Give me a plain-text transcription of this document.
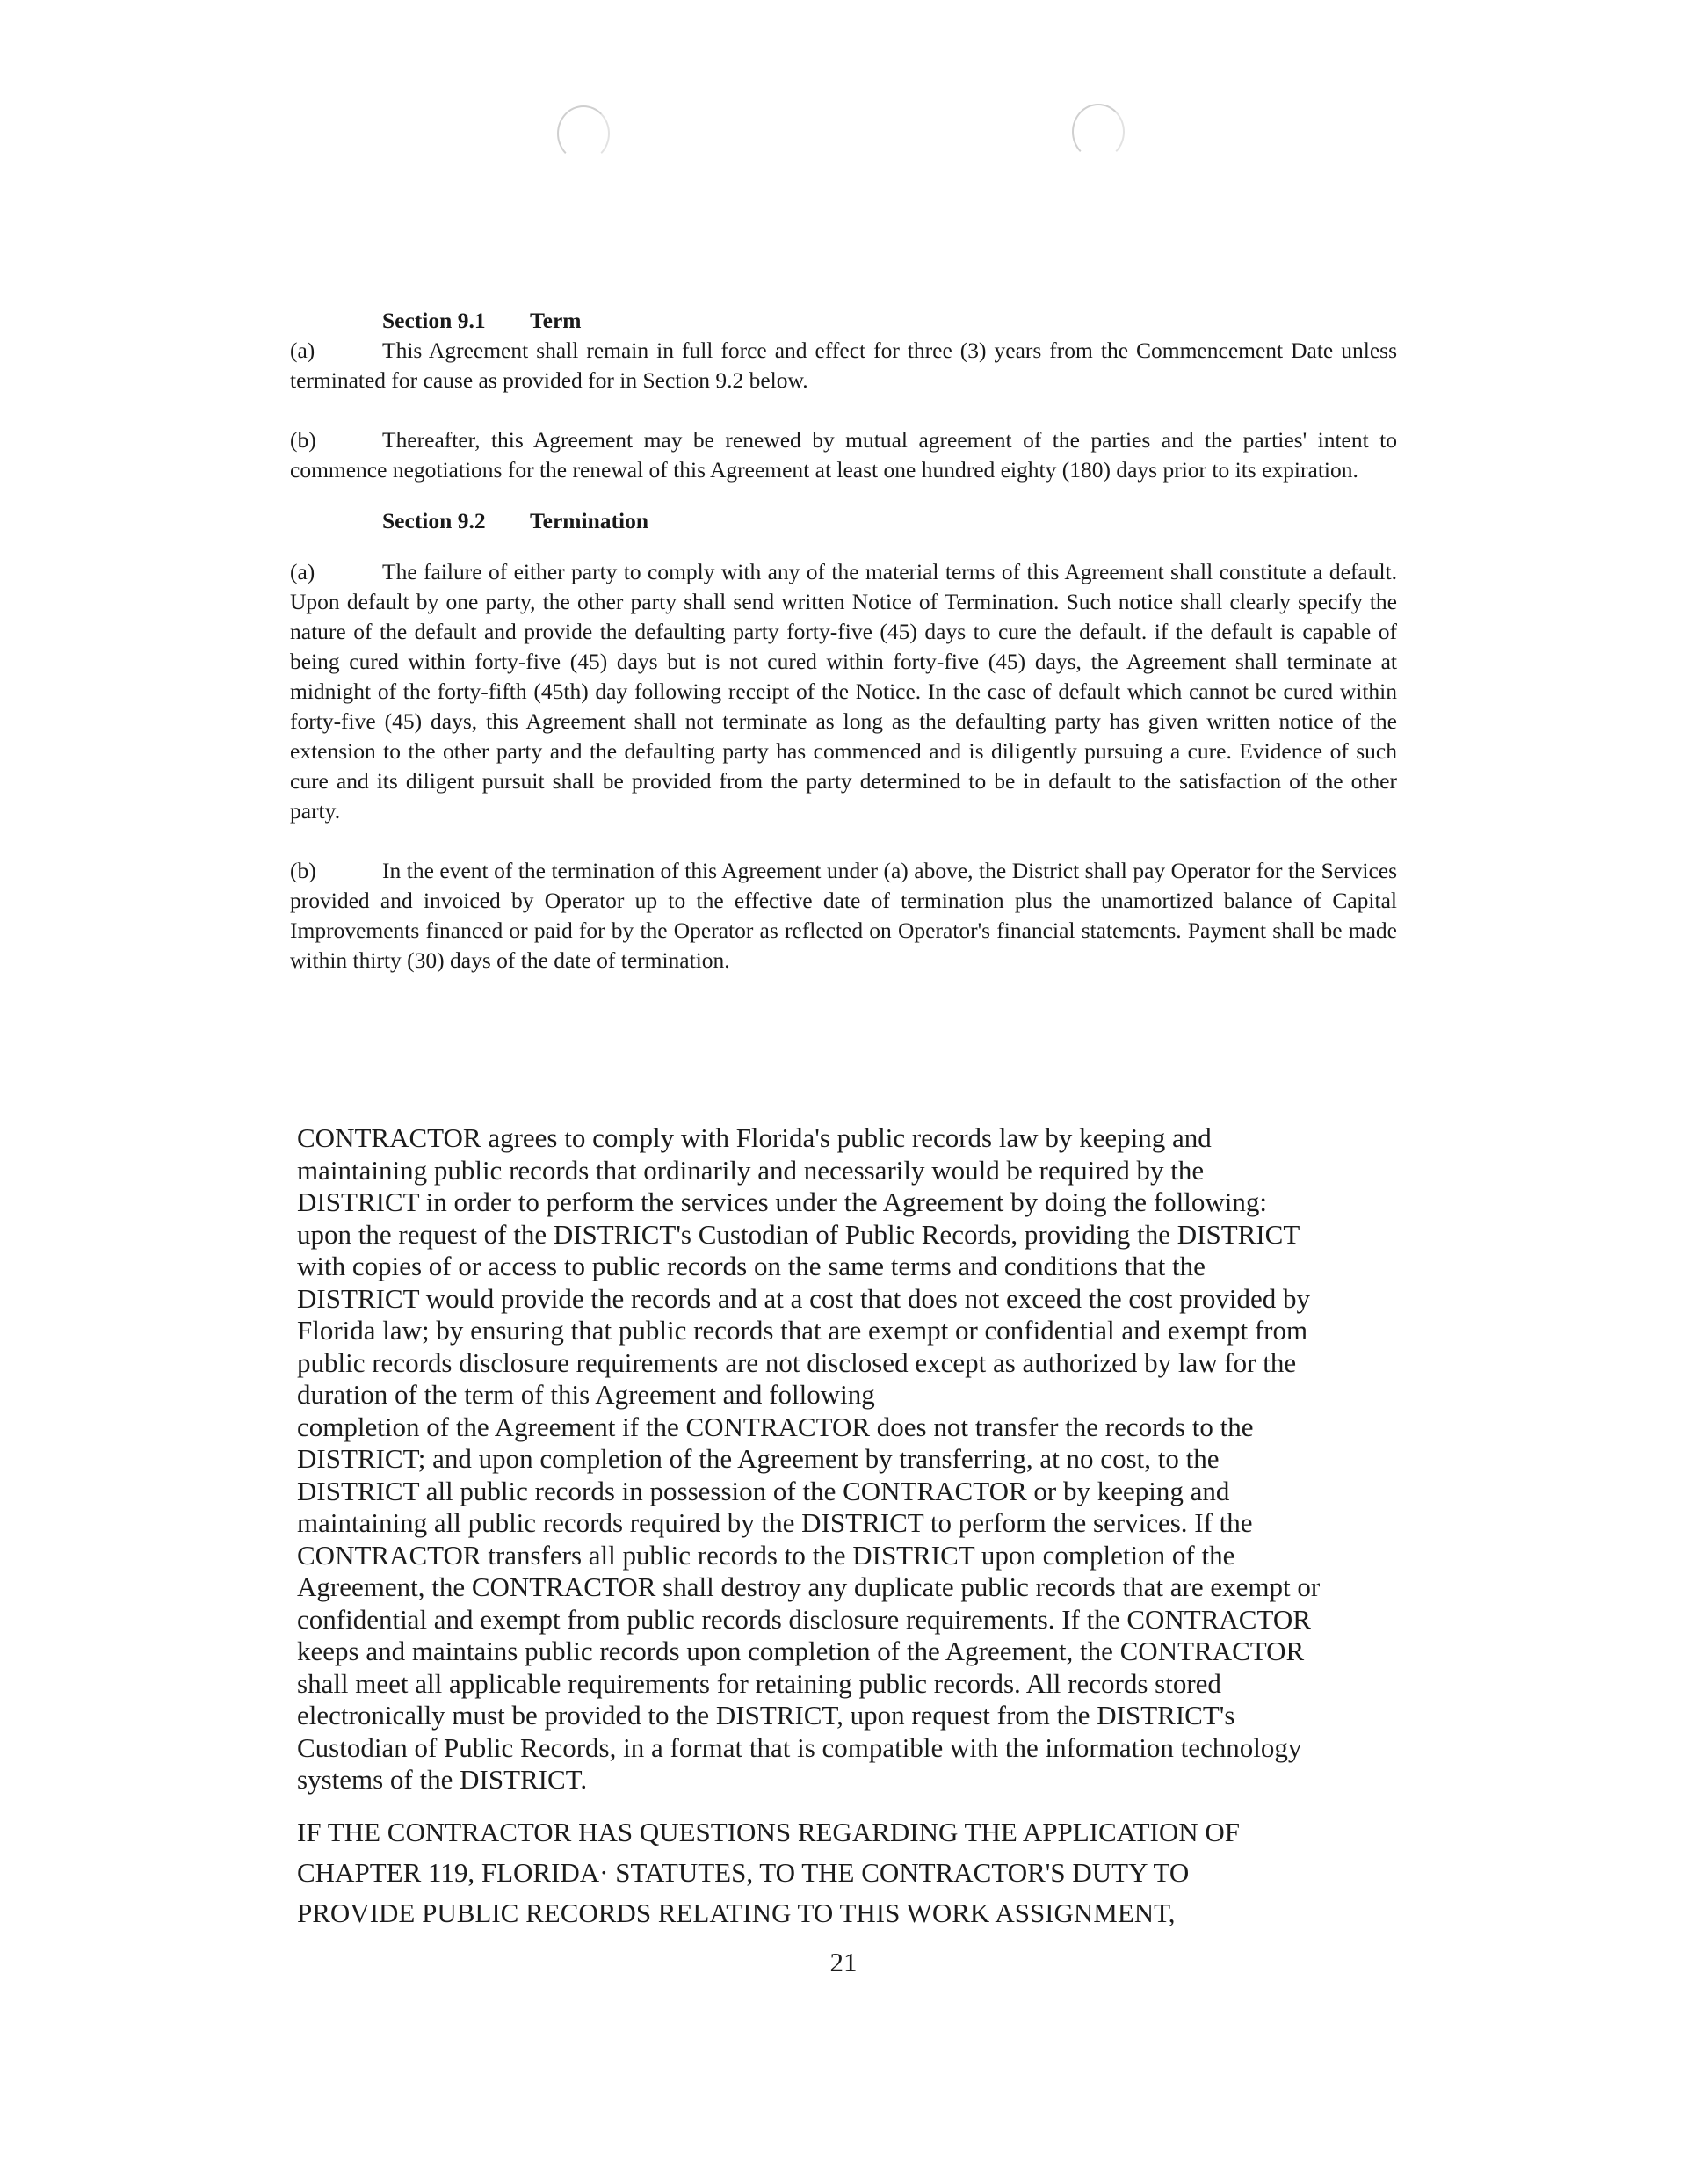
Section 9.1 Term
(a)	This Agreement shall remain in full force and effect for three (3) years from the Commencement Date unless terminated for cause as provided for in Section 9.2 below.
(b)	Thereafter, this Agreement may be renewed by mutual agreement of the parties and the parties' intent to commence negotiations for the renewal of this Agreement at least one hundred eighty (180) days prior to its expiration.
Section 9.2 Termination
(a)	The failure of either party to comply with any of the material terms of this Agreement shall constitute a default. Upon default by one party, the other party shall send written Notice of Termination. Such notice shall clearly specify the nature of the default and provide the defaulting party forty-five (45) days to cure the default. if the default is capable of being cured within forty-five (45) days but is not cured within forty-five (45) days, the Agreement shall terminate at midnight of the forty-fifth (45th) day following receipt of the Notice. In the case of default which cannot be cured within forty-five (45) days, this Agreement shall not terminate as long as the defaulting party has given written notice of the extension to the other party and the defaulting party has commenced and is diligently pursuing a cure. Evidence of such cure and its diligent pursuit shall be provided from the party determined to be in default to the satisfaction of the other party.
(b)	In the event of the termination of this Agreement under (a) above, the District shall pay Operator for the Services provided and invoiced by Operator up to the effective date of termination plus the unamortized balance of Capital Improvements financed or paid for by the Operator as reflected on Operator's financial statements. Payment shall be made within thirty (30) days of the date of termination.
CONTRACTOR agrees to comply with Florida's public records law by keeping and
maintaining public records that ordinarily and necessarily would be required by the
DISTRICT in order to perform the services under the Agreement by doing the following:
upon the request of the DISTRICT's Custodian of Public Records, providing the DISTRICT
with copies of or access to public records on the same terms and conditions that the
DISTRICT would provide the records and at a cost that does not exceed the cost provided by
Florida law; by ensuring that public records that are exempt or confidential and exempt from
public records disclosure requirements are not disclosed except as authorized by law for the
duration of the term of this Agreement and following
completion of the Agreement if the CONTRACTOR does not transfer the records to the
DISTRICT; and upon completion of the Agreement by transferring, at no cost, to the
DISTRICT all public records in possession of the CONTRACTOR or by keeping and
maintaining all public records required by the DISTRICT to perform the services. If the
CONTRACTOR transfers all public records to the DISTRICT upon completion of the
Agreement, the CONTRACTOR shall destroy any duplicate public records that are exempt or
confidential and exempt from public records disclosure requirements. If the CONTRACTOR
keeps and maintains public records upon completion of the Agreement, the CONTRACTOR
shall meet all applicable requirements for retaining public records. All records stored
electronically must be provided to the DISTRICT, upon request from the DISTRICT's
Custodian of Public Records, in a format that is compatible with the information technology
systems of the DISTRICT.
IF THE CONTRACTOR HAS QUESTIONS REGARDING THE APPLICATION OF
CHAPTER 119, FLORIDA· STATUTES, TO THE CONTRACTOR'S DUTY TO
PROVIDE PUBLIC RECORDS RELATING TO THIS WORK ASSIGNMENT,
21
